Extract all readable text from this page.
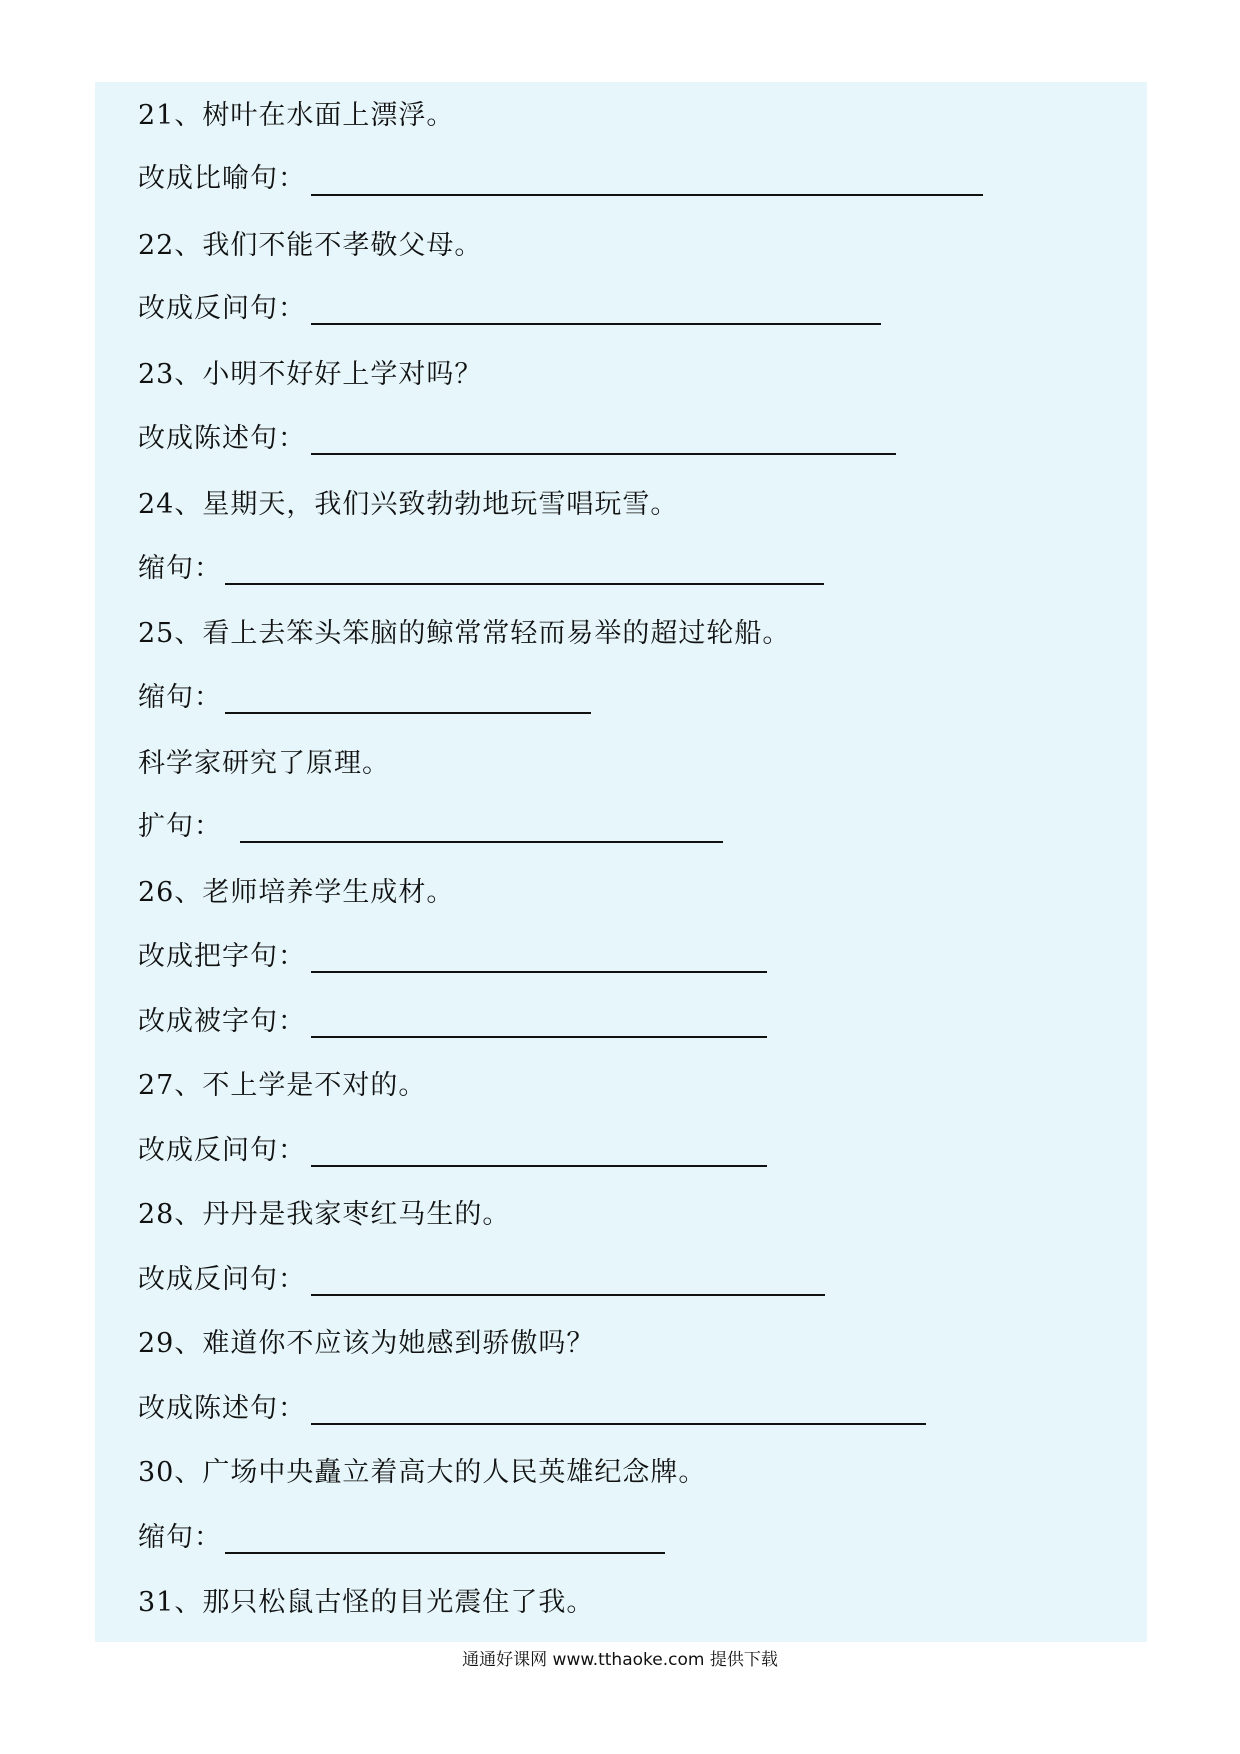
21、树叶在水面上漂浮。
改成比喻句：
22、我们不能不孝敬父母。
改成反问句：
23、小明不好好上学对吗？
改成陈述句：
24、星期天，我们兴致勃勃地玩雪唱玩雪。
缩句：
25、看上去笨头笨脑的鲸常常轻而易举的超过轮船。
缩句：
科学家研究了原理。
扩句：
26、老师培养学生成材。
改成把字句：
改成被字句：
27、不上学是不对的。
改成反问句：
28、丹丹是我家枣红马生的。
改成反问句：
29、难道你不应该为她感到骄傲吗？
改成陈述句：
30、广场中央矗立着高大的人民英雄纪念牌。
缩句：
31、那只松鼠古怪的目光震住了我。
通通好课网 www.tthaoke.com 提供下载
